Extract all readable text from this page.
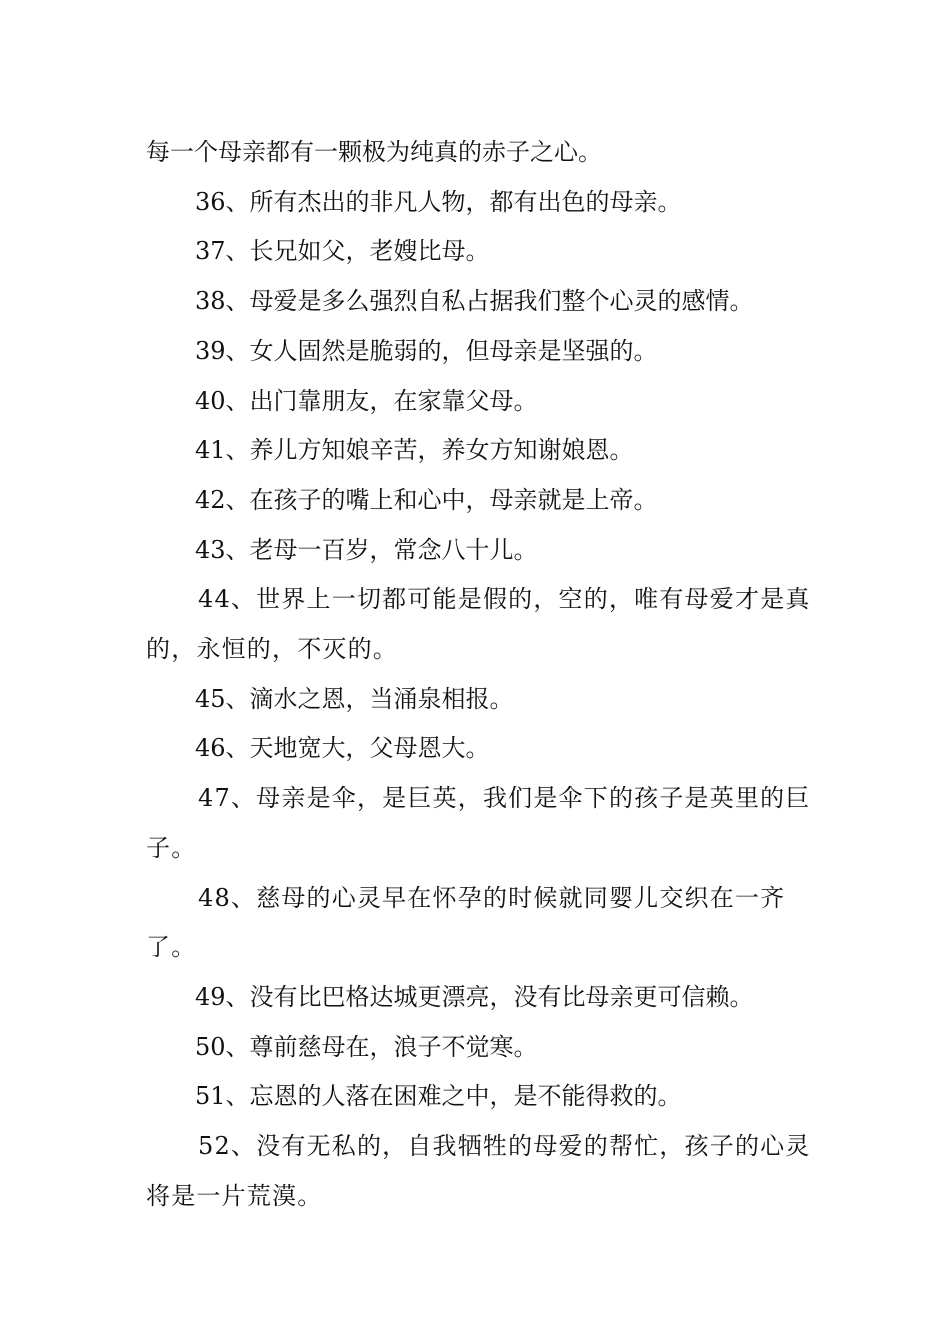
每一个母亲都有一颗极为纯真的赤子之心。

36、所有杰出的非凡人物，都有出色的母亲。

37、长兄如父，老嫂比母。

38、母爱是多么强烈自私占据我们整个心灵的感情。

39、女人固然是脆弱的，但母亲是坚强的。

40、出门靠朋友，在家靠父母。

41、养儿方知娘辛苦，养女方知谢娘恩。

42、在孩子的嘴上和心中，母亲就是上帝。

43、老母一百岁，常念八十儿。

44、世界上一切都可能是假的，空的，唯有母爱才是真的，永恒的，不灭的。

45、滴水之恩，当涌泉相报。

46、天地宽大，父母恩大。

47、母亲是伞，是巨英，我们是伞下的孩子是英里的巨子。

48、慈母的心灵早在怀孕的时候就同婴儿交织在一齐了。

49、没有比巴格达城更漂亮，没有比母亲更可信赖。

50、尊前慈母在，浪子不觉寒。

51、忘恩的人落在困难之中，是不能得救的。

52、没有无私的，自我牺牲的母爱的帮忙，孩子的心灵将是一片荒漠。
